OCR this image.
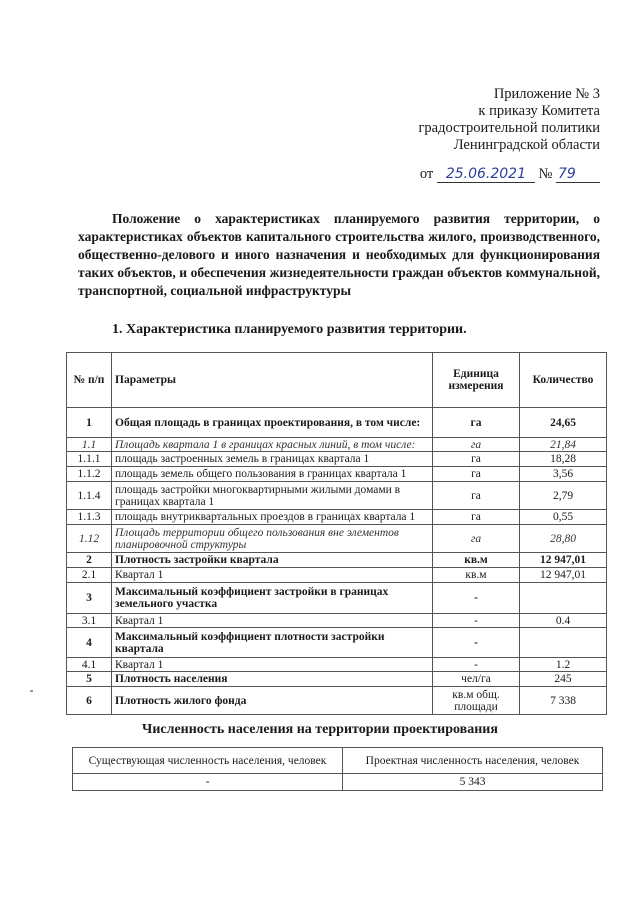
Приложение № 3
к приказу Комитета
градостроительной политики
Ленинградской области
от 25.06.2021 № 79
Положение о характеристиках планируемого развития территории, о характеристиках объектов капитального строительства жилого, производственного, общественно-делового и иного назначения и необходимых для функционирования таких объектов, и обеспечения жизнедеятельности граждан объектов коммунальной, транспортной, социальной инфраструктуры
1. Характеристика планируемого развития территории.
№ п/п	Параметры	Единица измерения	Количество
1	Общая площадь в границах проектирования, в том числе:	га	24,65
1.1	Площадь квартала 1 в границах красных линий, в том числе:	га	21,84
1.1.1	площадь застроенных земель в границах квартала 1	га	18,28
1.1.2	площадь земель общего пользования в границах квартала 1	га	3,56
1.1.4	площадь застройки многоквартирными жилыми домами в границах квартала 1	га	2,79
1.1.3	площадь внутриквартальных проездов в границах квартала 1	га	0,55
1.12	Площадь территории общего пользования вне элементов планировочной структуры	га	28,80
2	Плотность застройки квартала	кв.м	12 947,01
2.1	Квартал 1	кв.м	12 947,01
3	Максимальный коэффициент застройки в границах земельного участка	-	
3.1	Квартал 1	-	0.4
4	Максимальный коэффициент плотности застройки квартала	-	
4.1	Квартал 1	-	1.2
5	Плотность населения	чел/га	245
6	Плотность жилого фонда	кв.м общ. площади	7 338
Численность населения на территории проектирования
Существующая численность населения, человек	Проектная численность населения, человек
-	5 343
